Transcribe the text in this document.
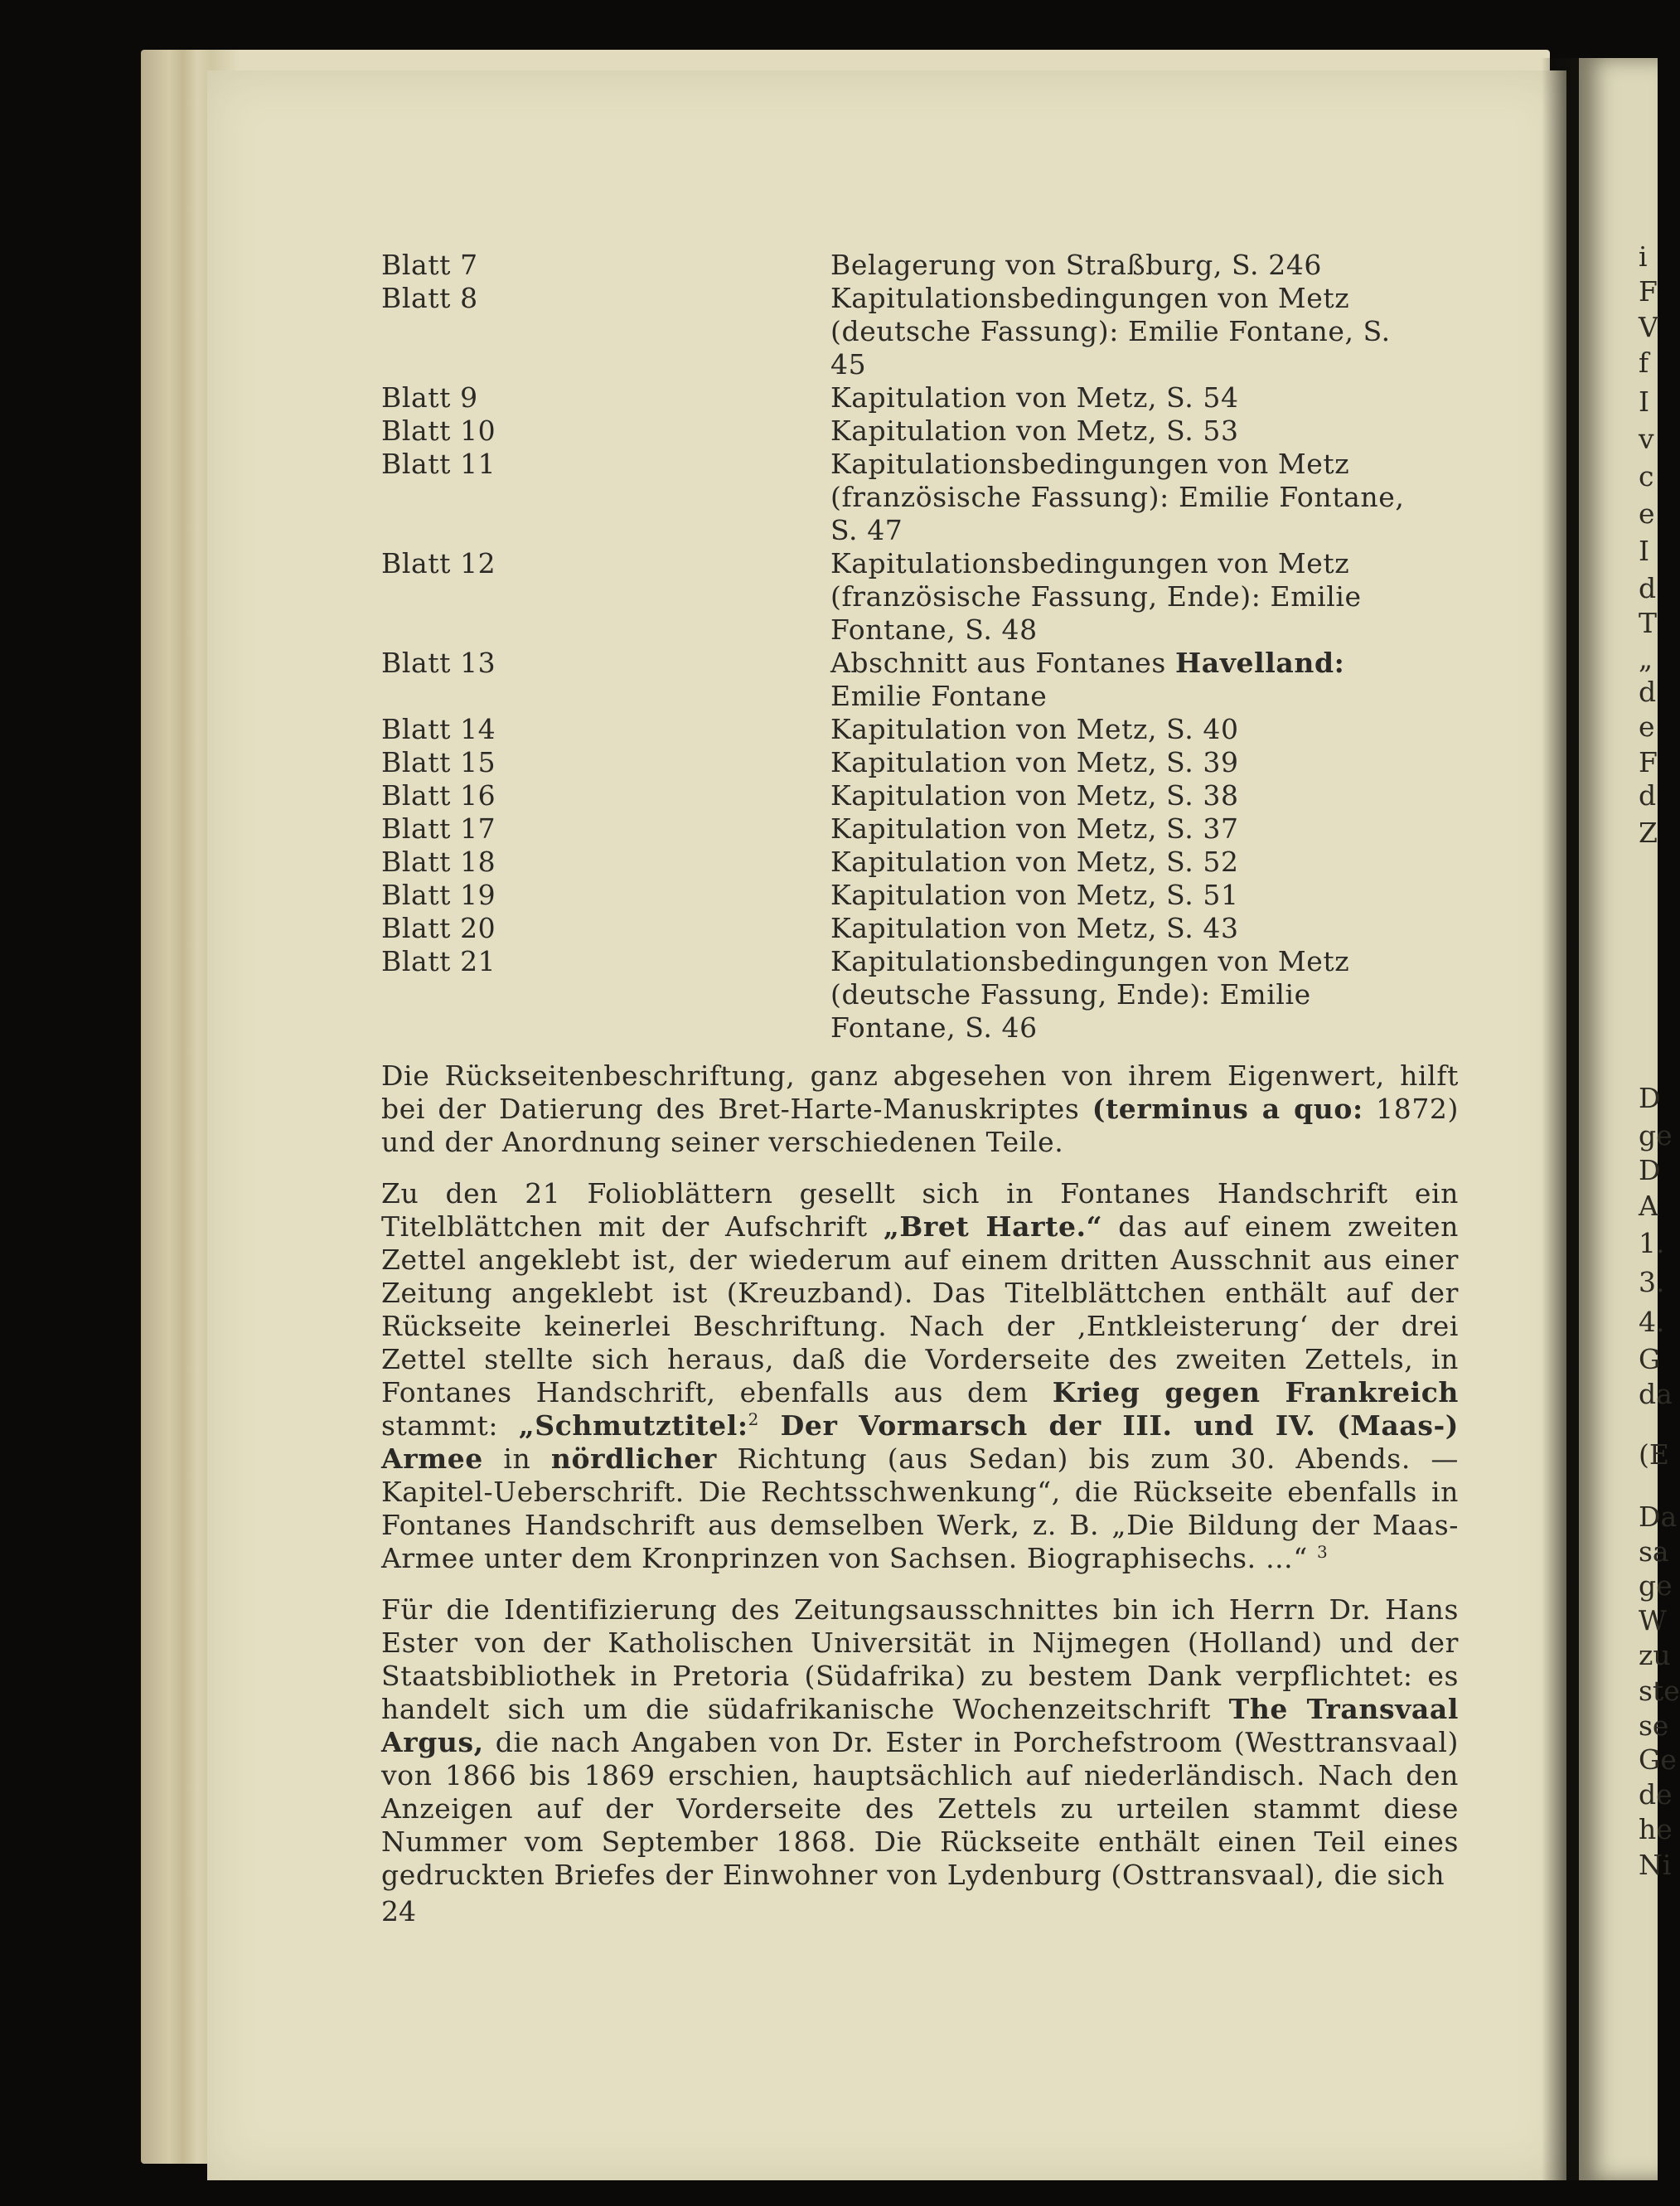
i
F
V
f
I
v
c
e
I
d
T
„
d
e
F
d
Z
D
ge
D
A
1.
3.
4.
G
da
(E
Da
sa
ge
W
zu
ste
se
Ge
de
he
Ni
Blatt 7	Belagerung von Straßburg, S. 246
Blatt 8	Kapitulationsbedingungen von Metz (deutsche Fassung): Emilie Fontane, S. 45
Blatt 9	Kapitulation von Metz, S. 54
Blatt 10	Kapitulation von Metz, S. 53
Blatt 11	Kapitulationsbedingungen von Metz (französische Fassung): Emilie Fontane, S. 47
Blatt 12	Kapitulationsbedingungen von Metz (französische Fassung, Ende): Emilie Fontane, S. 48
Blatt 13	Abschnitt aus Fontanes Havelland: Emilie Fontane
Blatt 14	Kapitulation von Metz, S. 40
Blatt 15	Kapitulation von Metz, S. 39
Blatt 16	Kapitulation von Metz, S. 38
Blatt 17	Kapitulation von Metz, S. 37
Blatt 18	Kapitulation von Metz, S. 52
Blatt 19	Kapitulation von Metz, S. 51
Blatt 20	Kapitulation von Metz, S. 43
Blatt 21	Kapitulationsbedingungen von Metz (deutsche Fassung, Ende): Emilie Fontane, S. 46

Die Rückseitenbeschriftung, ganz abgesehen von ihrem Eigenwert, hilft bei der Datierung des Bret-Harte-Manuskriptes (terminus a quo: 1872) und der Anordnung seiner verschiedenen Teile.

Zu den 21 Folioblättern gesellt sich in Fontanes Handschrift ein Titelblättchen mit der Aufschrift „Bret Harte.“ das auf einem zweiten Zettel angeklebt ist, der wiederum auf einem dritten Ausschnit aus einer Zeitung angeklebt ist (Kreuzband). Das Titelblättchen enthält auf der Rückseite keinerlei Beschriftung. Nach der ‚Entkleisterung‘ der drei Zettel stellte sich heraus, daß die Vorderseite des zweiten Zettels, in Fontanes Handschrift, ebenfalls aus dem Krieg gegen Frankreich stammt: „Schmutztitel:$^2$ Der Vormarsch der III. und IV. (Maas-) Armee in nördlicher Richtung (aus Sedan) bis zum 30. Abends. — Kapitel-Ueberschrift. Die Rechtsschwenkung“, die Rückseite ebenfalls in Fontanes Handschrift aus demselben Werk, z. B. „Die Bildung der Maas-Armee unter dem Kronprinzen von Sachsen. Biographisechs. …“ $^3$

Für die Identifizierung des Zeitungsausschnittes bin ich Herrn Dr. Hans Ester von der Katholischen Universität in Nijmegen (Holland) und der Staatsbibliothek in Pretoria (Südafrika) zu bestem Dank verpflichtet: es handelt sich um die südafrikanische Wochenzeitschrift The Transvaal Argus, die nach Angaben von Dr. Ester in Porchefstroom (Westtransvaal) von 1866 bis 1869 erschien, hauptsächlich auf niederländisch. Nach den Anzeigen auf der Vorderseite des Zettels zu urteilen stammt diese Nummer vom September 1868. Die Rückseite enthält einen Teil eines gedruckten Briefes der Einwohner von Lydenburg (Osttransvaal), die sich

24
